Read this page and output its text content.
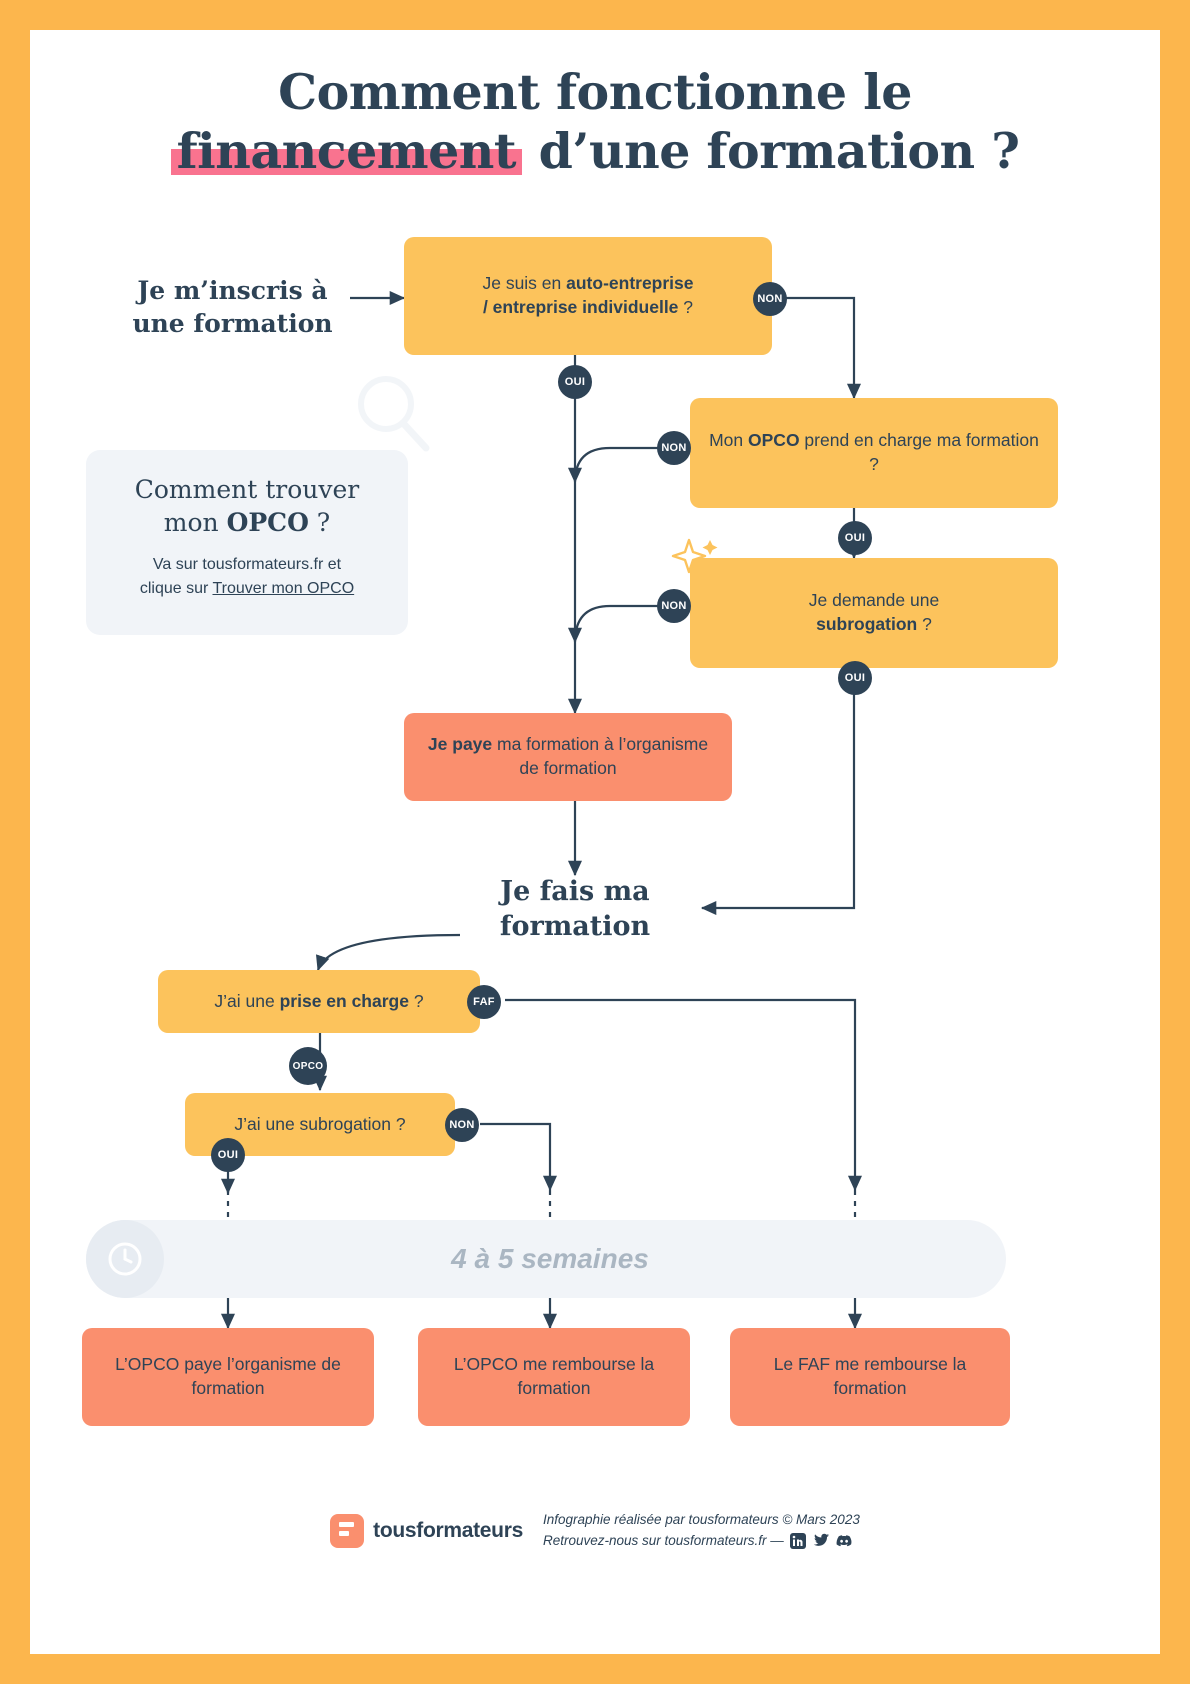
Comment fonctionne le
financement d’une formation ?
Je m’inscris à
une formation
Je suis en auto-entreprise
/ entreprise individuelle ?
Mon OPCO prend en charge ma formation ?
Je demande une
subrogation ?
Je paye ma formation à l’organisme de formation
Je fais ma
formation
J’ai une prise en charge ?
J’ai une subrogation ?
L’OPCO paye l’organisme de formation
L’OPCO me rembourse la formation
Le FAF me rembourse la formation
NON
OUI
NON
OUI
NON
OUI
FAF
OPCO
NON
OUI
Comment trouver
mon OPCO ?
Va sur tousformateurs.fr et
clique sur Trouver mon OPCO
4 à 5 semaines
tousformateurs Infographie réalisée par tousformateurs © Mars 2023
Retrouvez-nous sur tousformateurs.fr —
